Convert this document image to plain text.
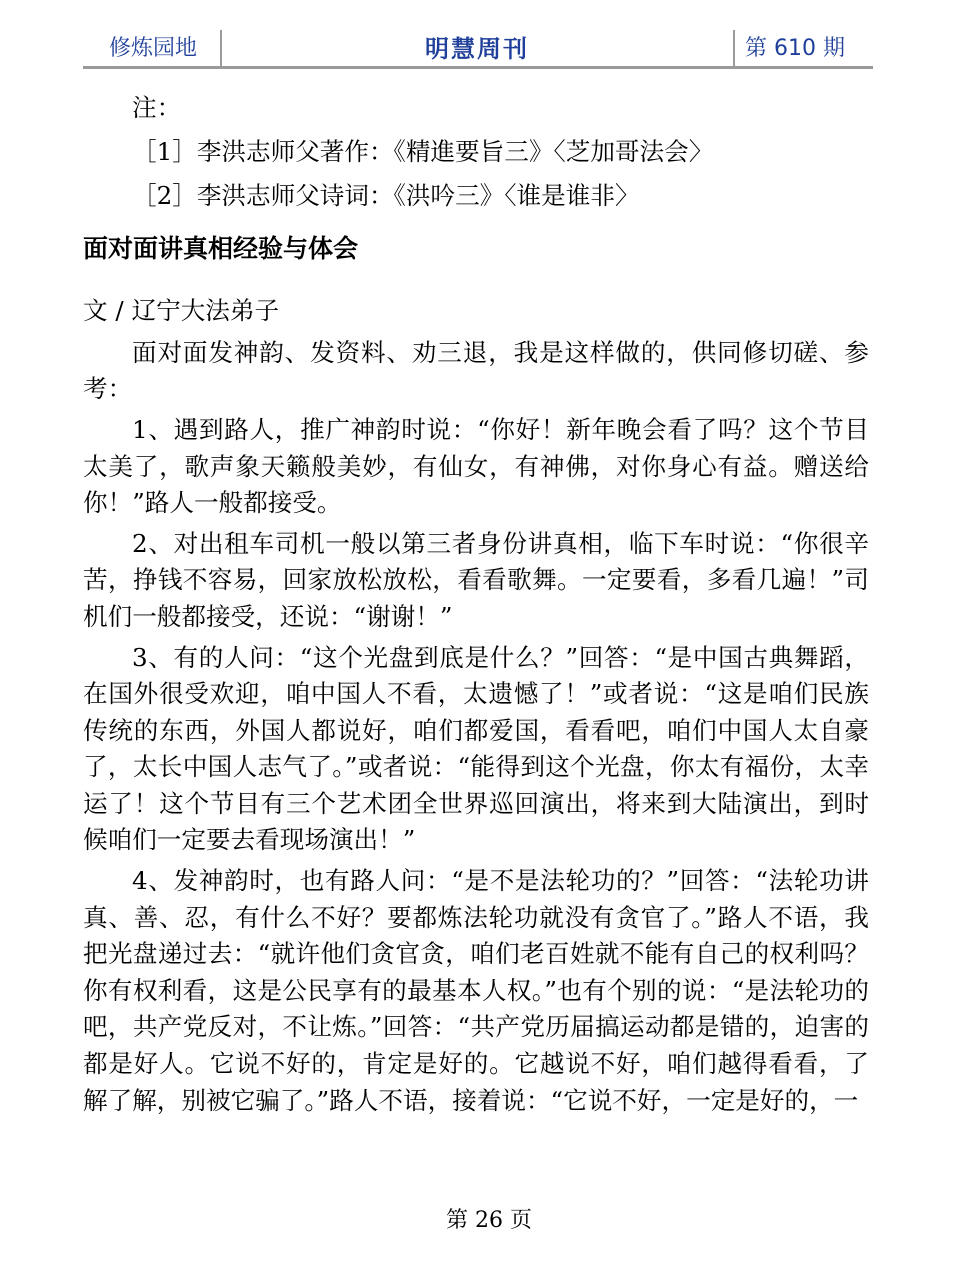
修炼园地	明慧周刊	第 610 期

注：

［1］李洪志师父著作：《精進要旨三》〈芝加哥法会〉

［2］李洪志师父诗词：《洪吟三》〈谁是谁非〉

面对面讲真相经验与体会

文 / 辽宁大法弟子

面对面发神韵、发资料、劝三退，我是这样做的，供同修切磋、参考：

1、遇到路人，推广神韵时说：“你好！新年晚会看了吗？这个节目太美了，歌声象天籁般美妙，有仙女，有神佛，对你身心有益。赠送给你！”路人一般都接受。

2、对出租车司机一般以第三者身份讲真相，临下车时说：“你很辛苦，挣钱不容易，回家放松放松，看看歌舞。一定要看，多看几遍！”司机们一般都接受，还说：“谢谢！”

3、有的人问：“这个光盘到底是什么？”回答：“是中国古典舞蹈，在国外很受欢迎，咱中国人不看，太遗憾了！”或者说：“这是咱们民族传统的东西，外国人都说好，咱们都爱国，看看吧，咱们中国人太自豪了，太长中国人志气了。”或者说：“能得到这个光盘，你太有福份，太幸运了！这个节目有三个艺术团全世界巡回演出，将来到大陆演出，到时候咱们一定要去看现场演出！”

4、发神韵时，也有路人问：“是不是法轮功的？”回答：“法轮功讲真、善、忍，有什么不好？要都炼法轮功就没有贪官了。”路人不语，我把光盘递过去：“就许他们贪官贪，咱们老百姓就不能有自己的权利吗？你有权利看，这是公民享有的最基本人权。”也有个别的说：“是法轮功的吧，共产党反对，不让炼。”回答：“共产党历届搞运动都是错的，迫害的都是好人。它说不好的，肯定是好的。它越说不好，咱们越得看看，了解了解，别被它骗了。”路人不语，接着说：“它说不好，一定是好的，一

第 26 页
